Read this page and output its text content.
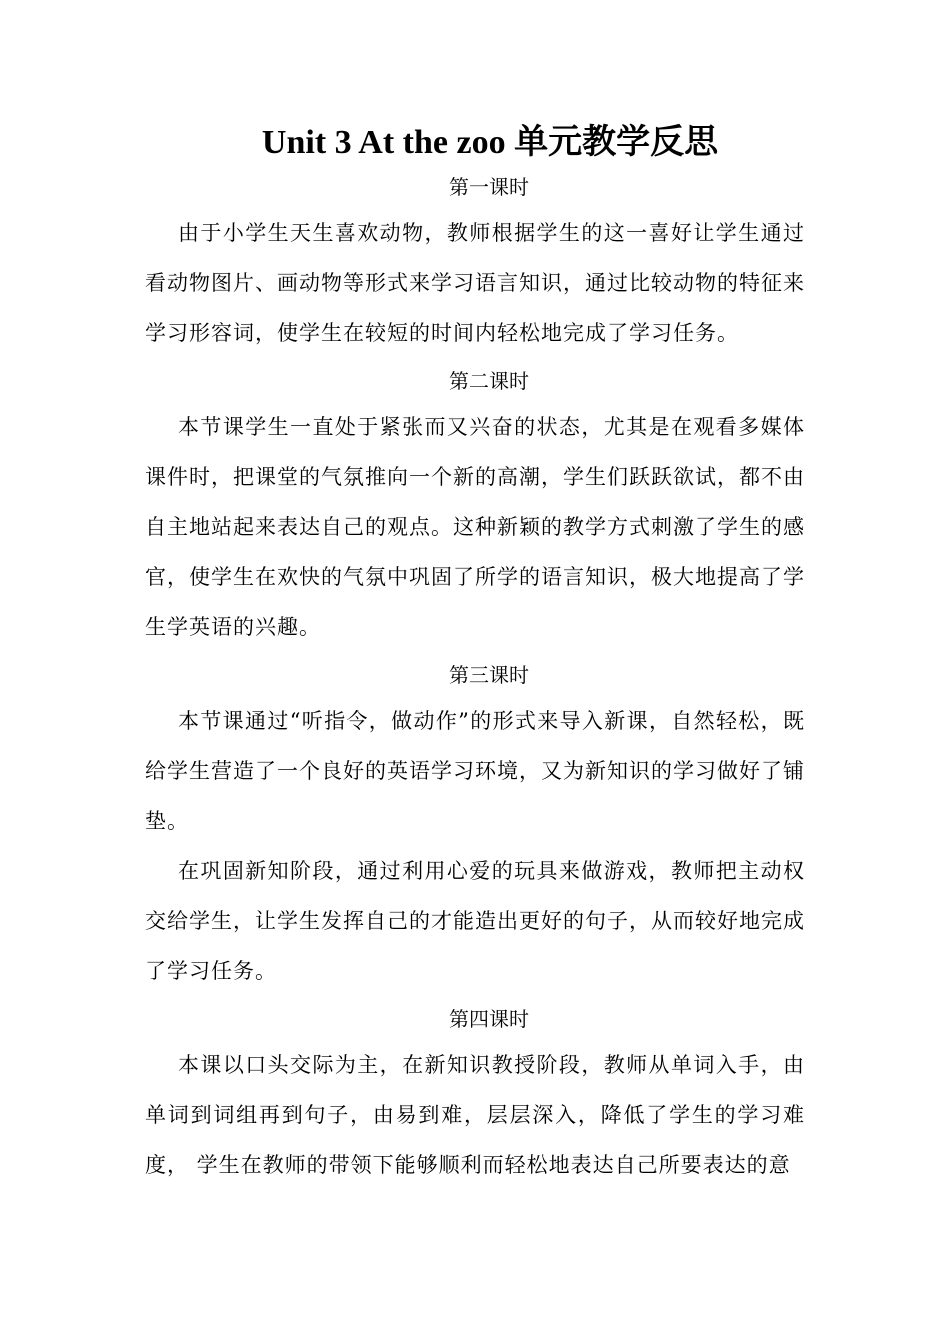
Unit 3 At the zoo 单元教学反思
第一课时

由于小学生天生喜欢动物，教师根据学生的这一喜好让学生通过看动物图片、画动物等形式来学习语言知识，通过比较动物的特征来学习形容词，使学生在较短的时间内轻松地完成了学习任务。

第二课时

本节课学生一直处于紧张而又兴奋的状态，尤其是在观看多媒体课件时，把课堂的气氛推向一个新的高潮，学生们跃跃欲试，都不由自主地站起来表达自己的观点。这种新颖的教学方式刺激了学生的感官，使学生在欢快的气氛中巩固了所学的语言知识，极大地提高了学生学英语的兴趣。

第三课时

本节课通过“听指令，做动作”的形式来导入新课，自然轻松，既给学生营造了一个良好的英语学习环境，又为新知识的学习做好了铺垫。

在巩固新知阶段，通过利用心爱的玩具来做游戏，教师把主动权交给学生，让学生发挥自己的才能造出更好的句子，从而较好地完成了学习任务。

第四课时

本课以口头交际为主，在新知识教授阶段，教师从单词入手，由单词到词组再到句子，由易到难，层层深入，降低了学生的学习难度， 学生在教师的带领下能够顺利而轻松地表达自己所要表达的意
